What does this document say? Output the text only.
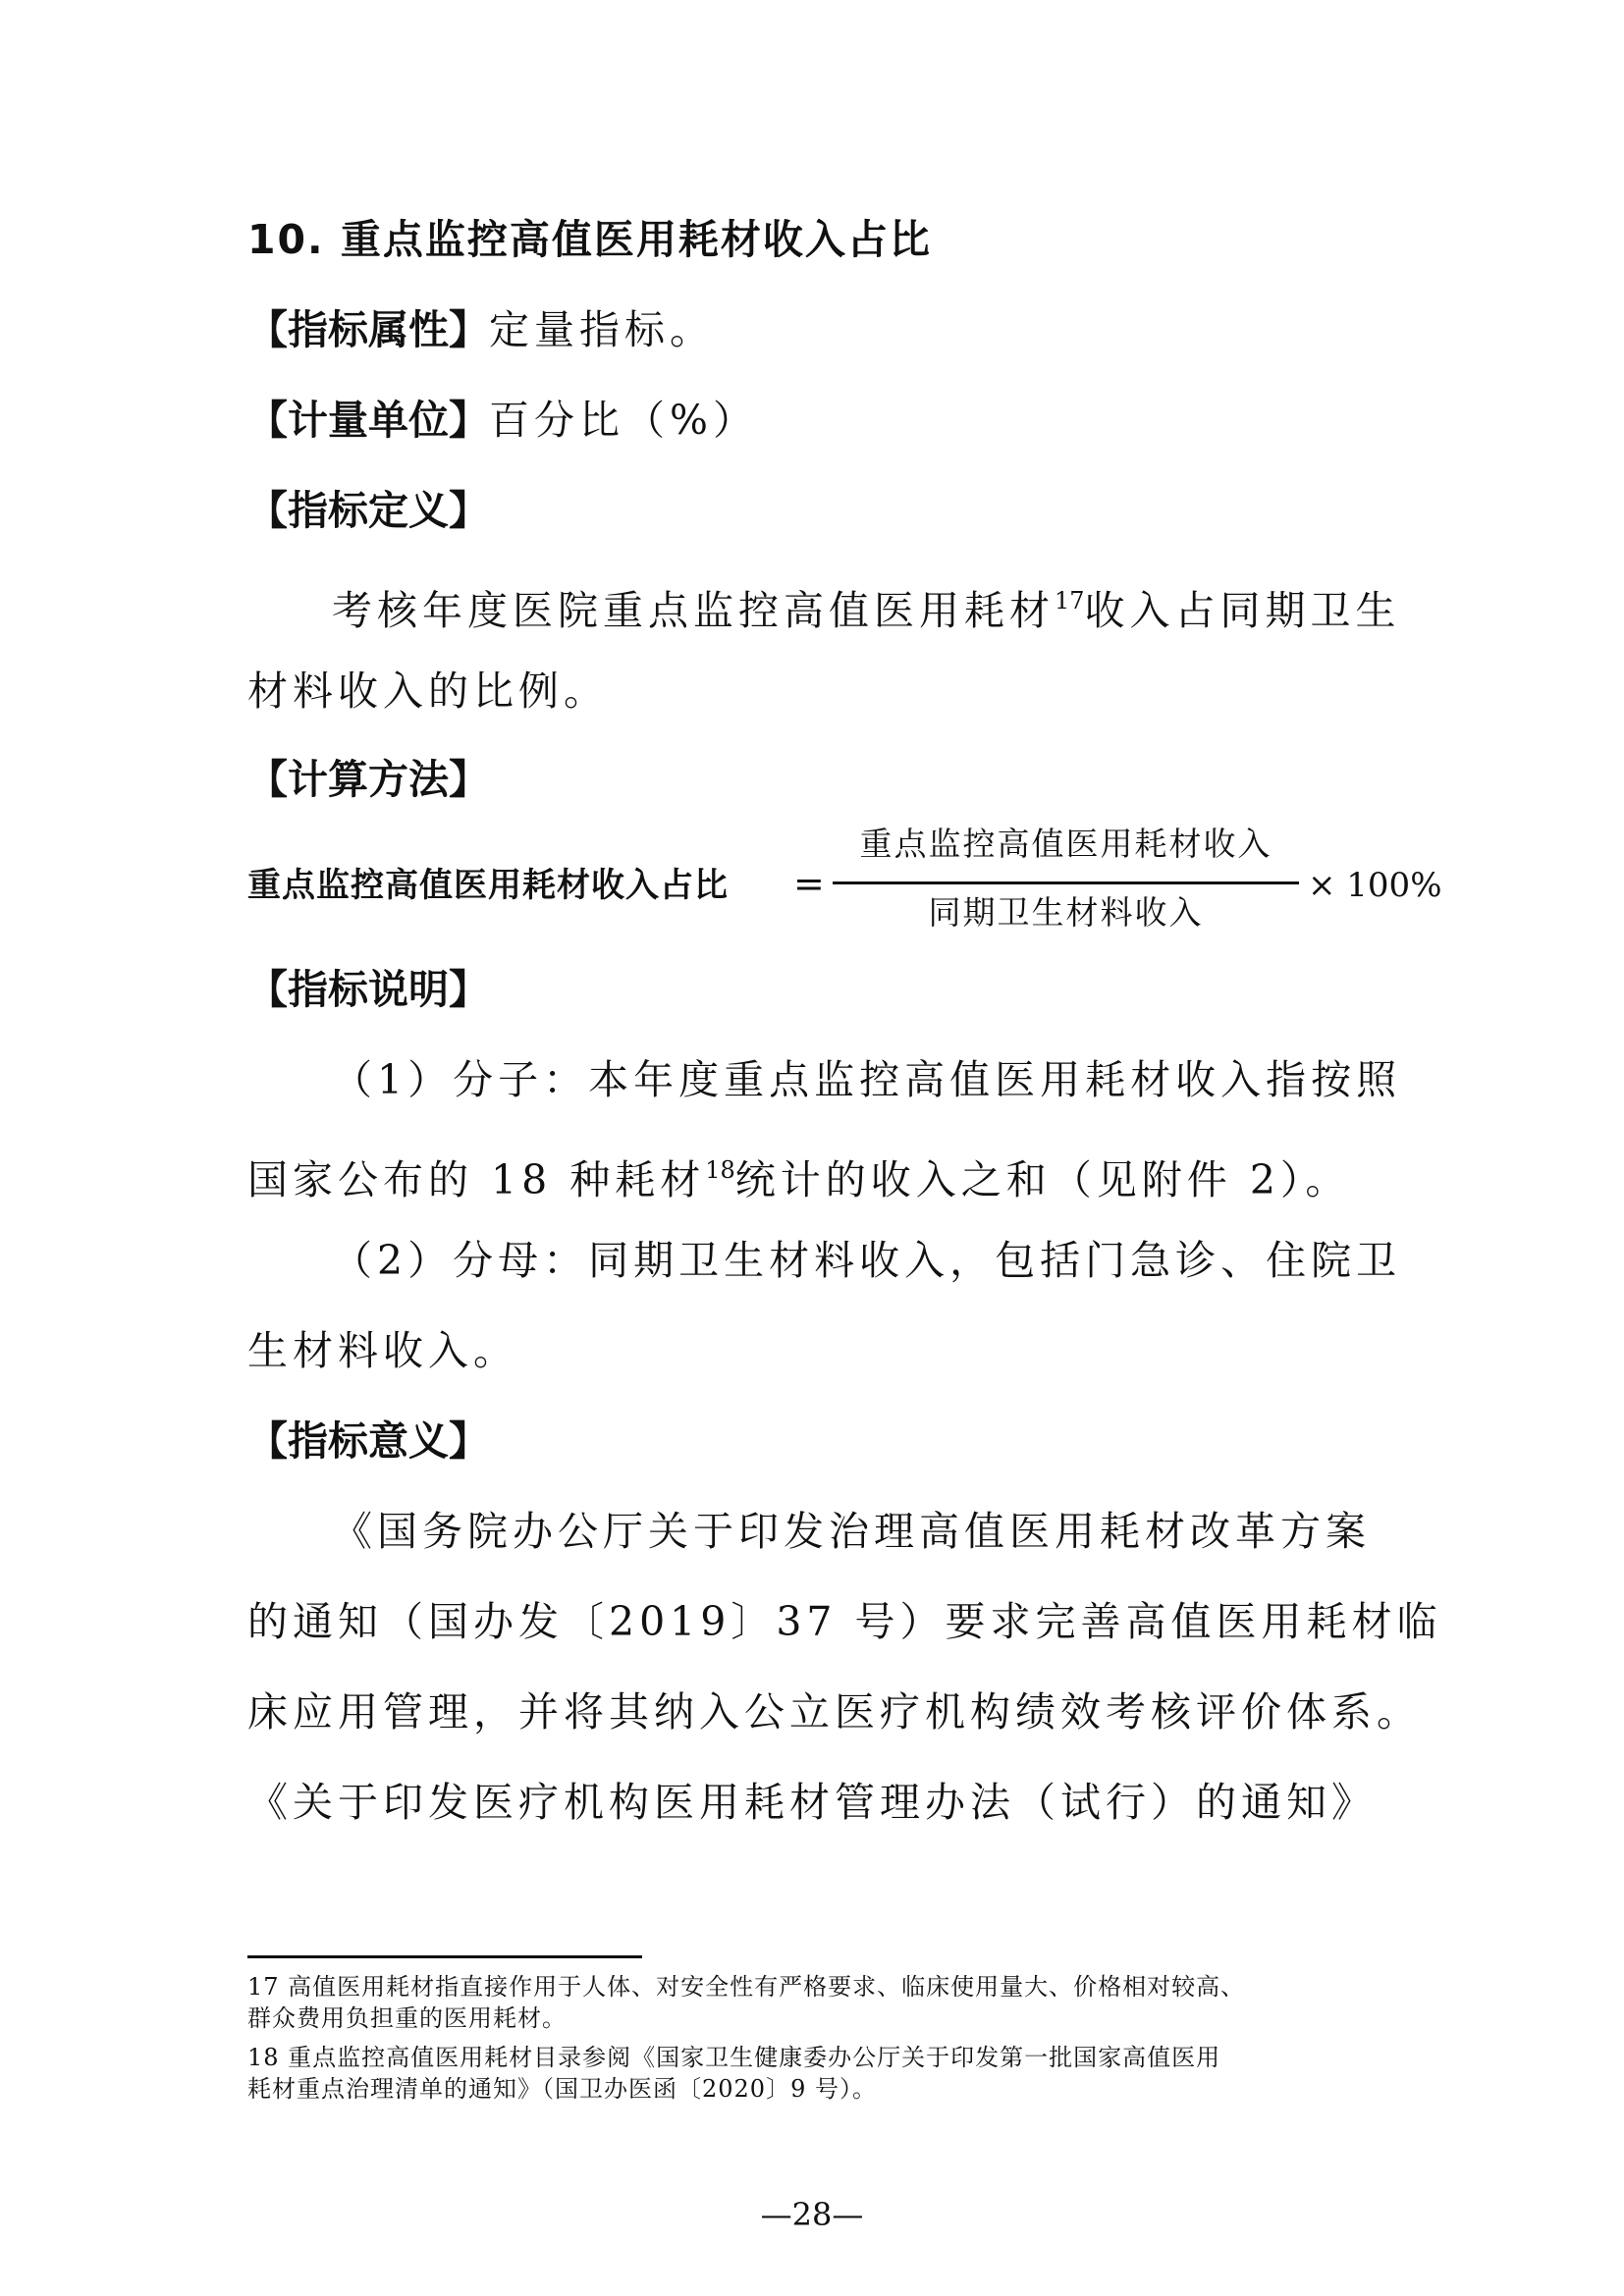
10. 重点监控高值医用耗材收入占比
【指标属性】定量指标。
【计量单位】百分比（%）
【指标定义】
考核年度医院重点监控高值医用耗材$^{17}$收入占同期卫生
材料收入的比例。
【计算方法】
重点监控高值医用耗材收入占比 =
重点监控高值医用耗材收入
同期卫生材料收入
× 100%
【指标说明】
（1）分子：本年度重点监控高值医用耗材收入指按照
国家公布的 18 种耗材$^{18}$统计的收入之和（见附件 2）。
（2）分母：同期卫生材料收入，包括门急诊、住院卫
生材料收入。
【指标意义】
《国务院办公厅关于印发治理高值医用耗材改革方案
的通知（国办发〔2019〕37 号）要求完善高值医用耗材临
床应用管理，并将其纳入公立医疗机构绩效考核评价体系。
《关于印发医疗机构医用耗材管理办法（试行）的通知》
17 高值医用耗材指直接作用于人体、对安全性有严格要求、临床使用量大、价格相对较高、
群众费用负担重的医用耗材。
18 重点监控高值医用耗材目录参阅《国家卫生健康委办公厅关于印发第一批国家高值医用
耗材重点治理清单的通知》（国卫办医函〔2020〕9 号）。
—28—
